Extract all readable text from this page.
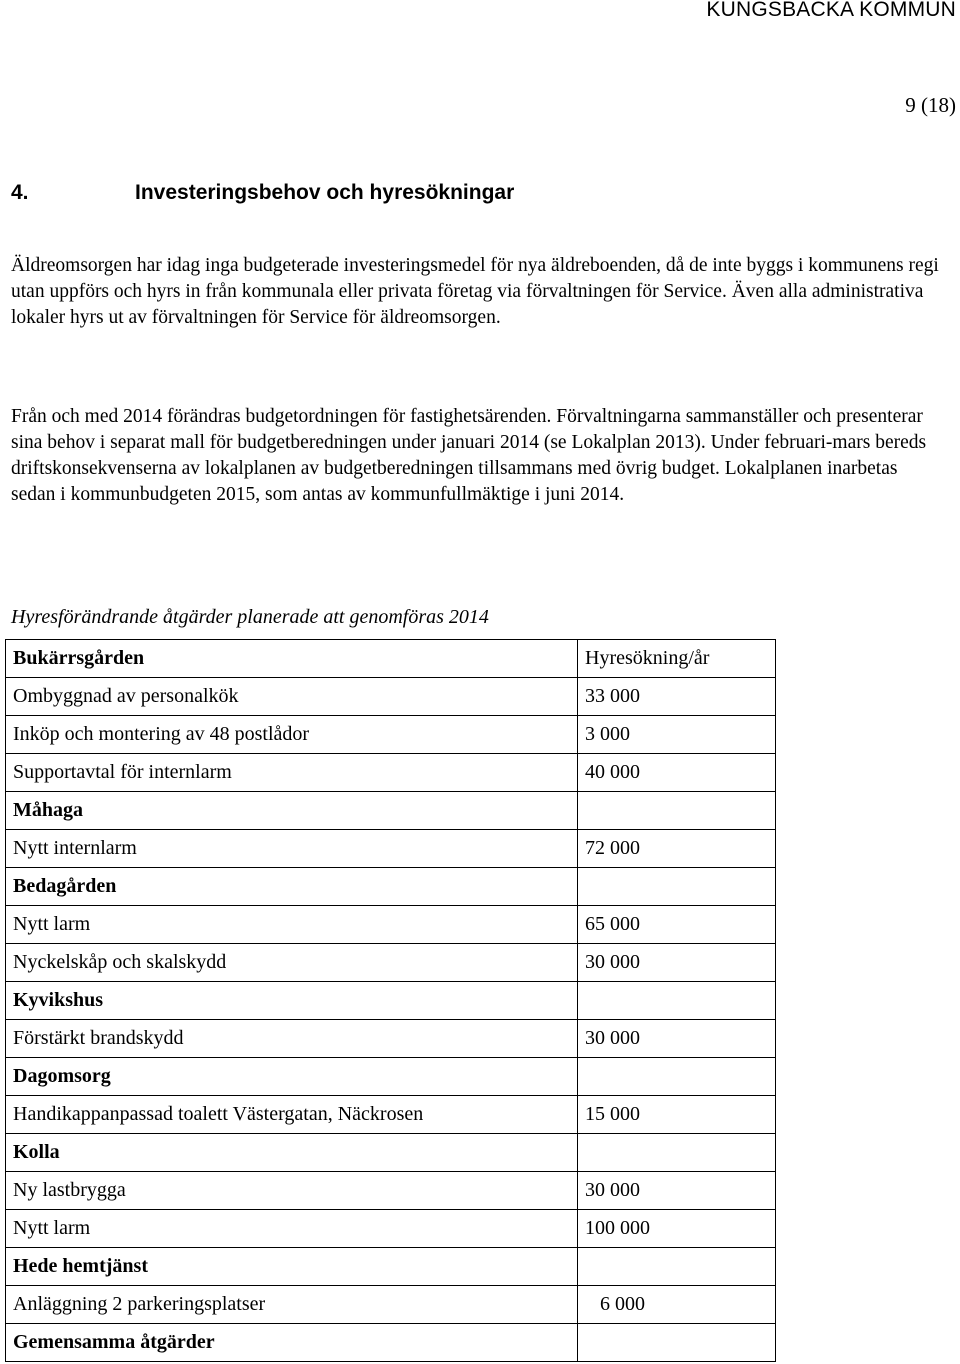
KUNGSBACKA KOMMUN
9 (18)
4.	Investeringsbehov och hyresökningar
Äldreomsorgen har idag inga budgeterade investeringsmedel för nya äldreboenden, då de inte byggs i kommunens regi utan uppförs och hyrs in från kommunala eller privata företag via förvaltningen för Service. Även alla administrativa lokaler hyrs ut av förvaltningen för Service för äldreomsorgen.
Från och med 2014 förändras budgetordningen för fastighetsärenden. Förvaltningarna sammanställer och presenterar sina behov i separat mall för budgetberedningen under januari 2014 (se Lokalplan 2013). Under februari-mars bereds driftskonsekvenserna av lokalplanen av budgetberedningen tillsammans med övrig budget. Lokalplanen inarbetas sedan i kommunbudgeten 2015, som antas av kommunfullmäktige i juni 2014.
Hyresförändrande åtgärder planerade att genomföras 2014
Bukärrsgården	Hyresökning/år
Ombyggnad av personalkök	33 000
Inköp och montering av 48 postlådor	3 000
Supportavtal för internlarm	40 000
Måhaga	
Nytt internlarm	72 000
Bedagården	
Nytt larm	65 000
Nyckelskåp och skalskydd	30 000
Kyvikshus	
Förstärkt brandskydd	30 000
Dagomsorg	
Handikappanpassad toalett Västergatan, Näckrosen	15 000
Kolla	
Ny lastbrygga	30 000
Nytt larm	100 000
Hede hemtjänst	
Anläggning 2 parkeringsplatser	6 000
Gemensamma åtgärder	
